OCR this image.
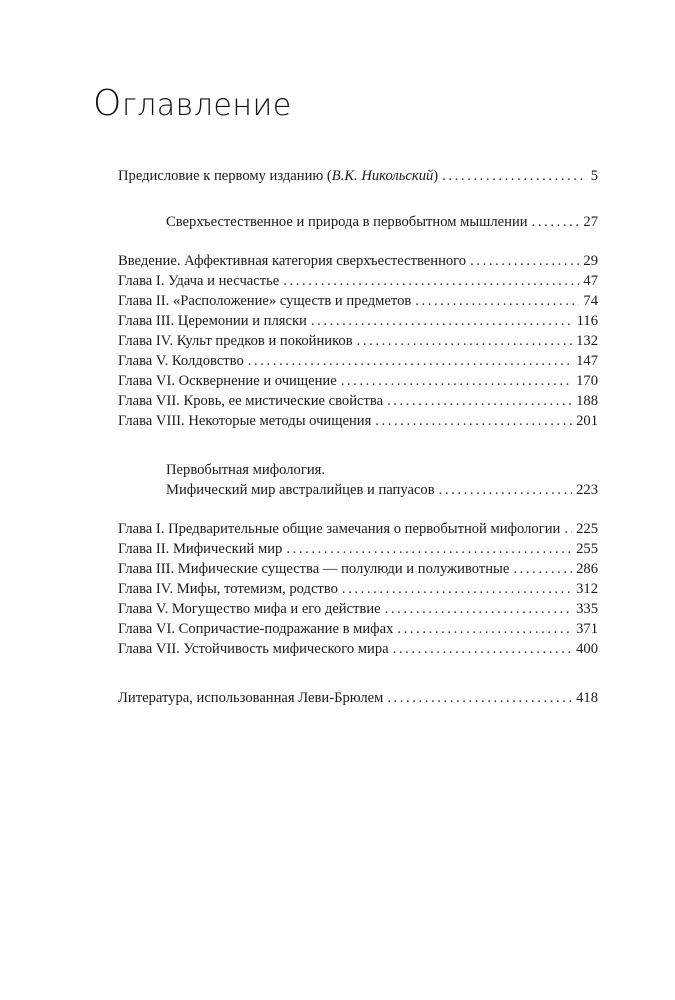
Оглавление
Предисловие к первому изданию (В.К. Никольский) .....	5
Сверхъестественное и природа в первобытном мышлении .....	27
Введение. Аффективная категория сверхъестественного .....	29
Глава I. Удача и несчастье .....	47
Глава II. «Расположение» существ и предметов .....	74
Глава III. Церемонии и пляски .....	116
Глава IV. Культ предков и покойников .....	132
Глава V. Колдовство .....	147
Глава VI. Осквернение и очищение .....	170
Глава VII. Кровь, ее мистические свойства .....	188
Глава VIII. Некоторые методы очищения .....	201
Первобытная мифология.
Мифический мир австралийцев и папуасов .....	223
Глава I. Предварительные общие замечания о первобытной мифологии ..... 225
Глава II. Мифический мир .....	255
Глава III. Мифические существа — полулюди и полуживотные .....	286
Глава IV. Мифы, тотемизм, родство .....	312
Глава V. Могущество мифа и его действие .....	335
Глава VI. Сопричастие-подражание в мифах .....	371
Глава VII. Устойчивость мифического мира .....	400
Литература, использованная Леви-Брюлем .....	418
